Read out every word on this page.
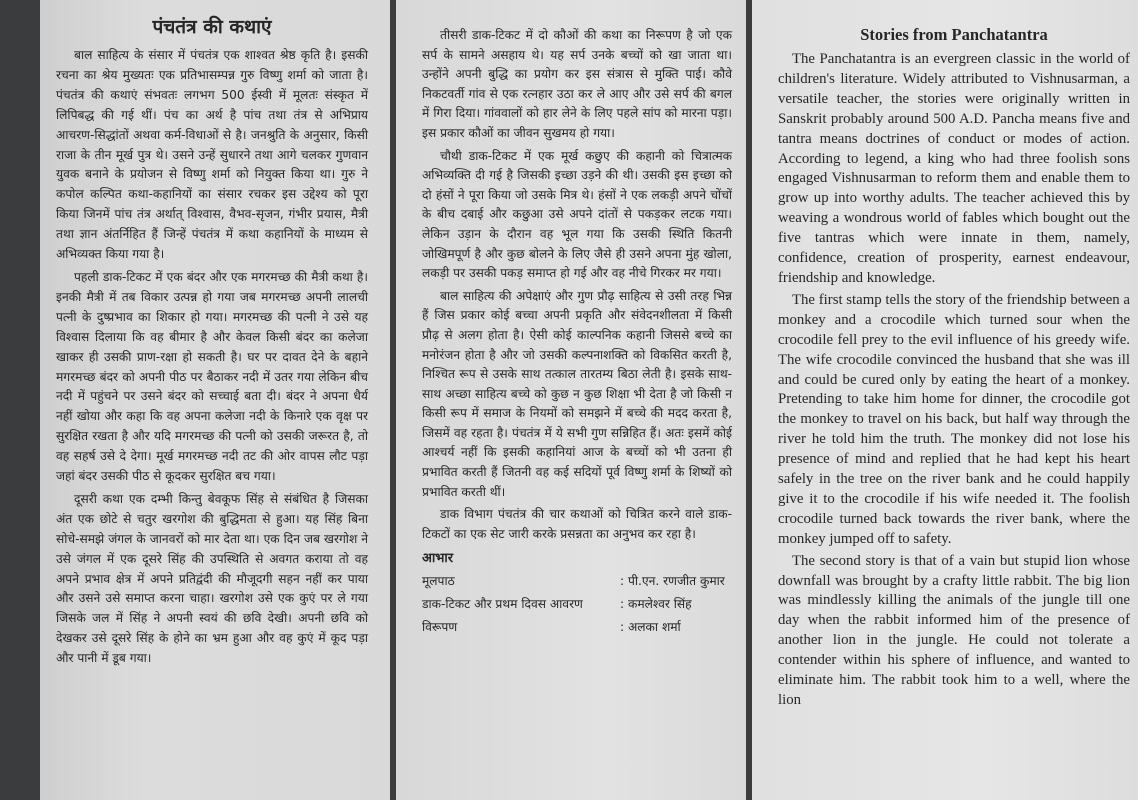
पंचतंत्र की कथाएं

बाल साहित्य के संसार में पंचतंत्र एक शाश्वत श्रेष्ठ कृति है। इसकी रचना का श्रेय मुख्यतः एक प्रतिभासम्पन्न गुरु विष्णु शर्मा को जाता है। पंचतंत्र की कथाएं संभवतः लगभग 500 ईस्वी में मूलतः संस्कृत में लिपिबद्ध की गई थीं। पंच का अर्थ है पांच तथा तंत्र से अभिप्राय आचरण-सिद्धांतों अथवा कर्म-विधाओं से है। जनश्रुति के अनुसार, किसी राजा के तीन मूर्ख पुत्र थे। उसने उन्हें सुधारने तथा आगे चलकर गुणवान युवक बनाने के प्रयोजन से विष्णु शर्मा को नियुक्त किया था। गुरु ने कपोल कल्पित कथा-कहानियों का संसार रचकर इस उद्देश्य को पूरा किया जिनमें पांच तंत्र अर्थात् विश्वास, वैभव-सृजन, गंभीर प्रयास, मैत्री तथा ज्ञान अंतर्निहित हैं जिन्हें पंचतंत्र में कथा कहानियों के माध्यम से अभिव्यक्त किया गया है।

पहली डाक-टिकट में एक बंदर और एक मगरमच्छ की मैत्री कथा है। इनकी मैत्री में तब विकार उत्पन्न हो गया जब मगरमच्छ अपनी लालची पत्नी के दुष्प्रभाव का शिकार हो गया। मगरमच्छ की पत्नी ने उसे यह विश्वास दिलाया कि वह बीमार है और केवल किसी बंदर का कलेजा खाकर ही उसकी प्राण-रक्षा हो सकती है। घर पर दावत देने के बहाने मगरमच्छ बंदर को अपनी पीठ पर बैठाकर नदी में उतर गया लेकिन बीच नदी में पहुंचने पर उसने बंदर को सच्चाई बता दी। बंदर ने अपना धैर्य नहीं खोया और कहा कि वह अपना कलेजा नदी के किनारे एक वृक्ष पर सुरक्षित रखता है और यदि मगरमच्छ की पत्नी को उसकी जरूरत है, तो वह सहर्ष उसे दे देगा। मूर्ख मगरमच्छ नदी तट की ओर वापस लौट पड़ा जहां बंदर उसकी पीठ से कूदकर सुरक्षित बच गया।

दूसरी कथा एक दम्भी किन्तु बेवकूफ सिंह से संबंधित है जिसका अंत एक छोटे से चतुर खरगोश की बुद्धिमता से हुआ। यह सिंह बिना सोचे-समझे जंगल के जानवरों को मार देता था। एक दिन जब खरगोश ने उसे जंगल में एक दूसरे सिंह की उपस्थिति से अवगत कराया तो वह अपने प्रभाव क्षेत्र में अपने प्रतिद्वंदी की मौजूदगी सहन नहीं कर पाया और उसने उसे समाप्त करना चाहा। खरगोश उसे एक कुएं पर ले गया जिसके जल में सिंह ने अपनी स्वयं की छवि देखी। अपनी छवि को देखकर उसे दूसरे सिंह के होने का भ्रम हुआ और वह कुएं में कूद पड़ा और पानी में डूब गया।

तीसरी डाक-टिकट में दो कौओं की कथा का निरूपण है जो एक सर्प के सामने असहाय थे। यह सर्प उनके बच्चों को खा जाता था। उन्होंने अपनी बुद्धि का प्रयोग कर इस संत्रास से मुक्ति पाई। कौवे निकटवर्ती गांव से एक रत्नहार उठा कर ले आए और उसे सर्प की बगल में गिरा दिया। गांववालों को हार लेने के लिए पहले सांप को मारना पड़ा। इस प्रकार कौओं का जीवन सुखमय हो गया।

चौथी डाक-टिकट में एक मूर्ख कछुए की कहानी को चित्रात्मक अभिव्यक्ति दी गई है जिसकी इच्छा उड़ने की थी। उसकी इस इच्छा को दो हंसों ने पूरा किया जो उसके मित्र थे। हंसों ने एक लकड़ी अपने चोंचों के बीच दबाई और कछुआ उसे अपने दांतों से पकड़कर लटक गया। लेकिन उड़ान के दौरान वह भूल गया कि उसकी स्थिति कितनी जोखिमपूर्ण है और कुछ बोलने के लिए जैसे ही उसने अपना मुंह खोला, लकड़ी पर उसकी पकड़ समाप्त हो गई और वह नीचे गिरकर मर गया।

बाल साहित्य की अपेक्षाएं और गुण प्रौढ़ साहित्य से उसी तरह भिन्न हैं जिस प्रकार कोई बच्चा अपनी प्रकृति और संवेदनशीलता में किसी प्रौढ़ से अलग होता है। ऐसी कोई काल्पनिक कहानी जिससे बच्चे का मनोरंजन होता है और जो उसकी कल्पनाशक्ति को विकसित करती है, निश्चित रूप से उसके साथ तत्काल तारतम्य बिठा लेती है। इसके साथ-साथ अच्छा साहित्य बच्चे को कुछ न कुछ शिक्षा भी देता है जो किसी न किसी रूप में समाज के नियमों को समझने में बच्चे की मदद करता है, जिसमें वह रहता है। पंचतंत्र में ये सभी गुण सन्निहित हैं। अतः इसमें कोई आश्चर्य नहीं कि इसकी कहानियां आज के बच्चों को भी उतना ही प्रभावित करती हैं जितनी वह कई सदियों पूर्व विष्णु शर्मा के शिष्यों को प्रभावित करती थीं।

डाक विभाग पंचतंत्र की चार कथाओं को चित्रित करने वाले डाक-टिकटों का एक सेट जारी करके प्रसन्नता का अनुभव कर रहा है।

आभार
मूलपाठ	: पी.एन. रणजीत कुमार
डाक-टिकट और प्रथम दिवस आवरण	: कमलेश्वर सिंह
विरूपण	: अलका शर्मा
Stories from Panchatantra

The Panchatantra is an evergreen classic in the world of children's literature. Widely attributed to Vishnusarman, a versatile teacher, the stories were originally written in Sanskrit probably around 500 A.D. Pancha means five and tantra means doctrines of conduct or modes of action. According to legend, a king who had three foolish sons engaged Vishnusarman to reform them and enable them to grow up into worthy adults. The teacher achieved this by weaving a wondrous world of fables which bought out the five tantras which were innate in them, namely, confidence, creation of prosperity, earnest endeavour, friendship and knowledge.

The first stamp tells the story of the friendship between a monkey and a crocodile which turned sour when the crocodile fell prey to the evil influence of his greedy wife. The wife crocodile convinced the husband that she was ill and could be cured only by eating the heart of a monkey. Pretending to take him home for dinner, the crocodile got the monkey to travel on his back, but half way through the river he told him the truth. The monkey did not lose his presence of mind and replied that he had kept his heart safely in the tree on the river bank and he could happily give it to the crocodile if his wife needed it. The foolish crocodile turned back towards the river bank, where the monkey jumped off to safety.

The second story is that of a vain but stupid lion whose downfall was brought by a crafty little rabbit. The big lion was mindlessly killing the animals of the jungle till one day when the rabbit informed him of the presence of another lion in the jungle. He could not tolerate a contender within his sphere of influence, and wanted to eliminate him. The rabbit took him to a well, where the lion
